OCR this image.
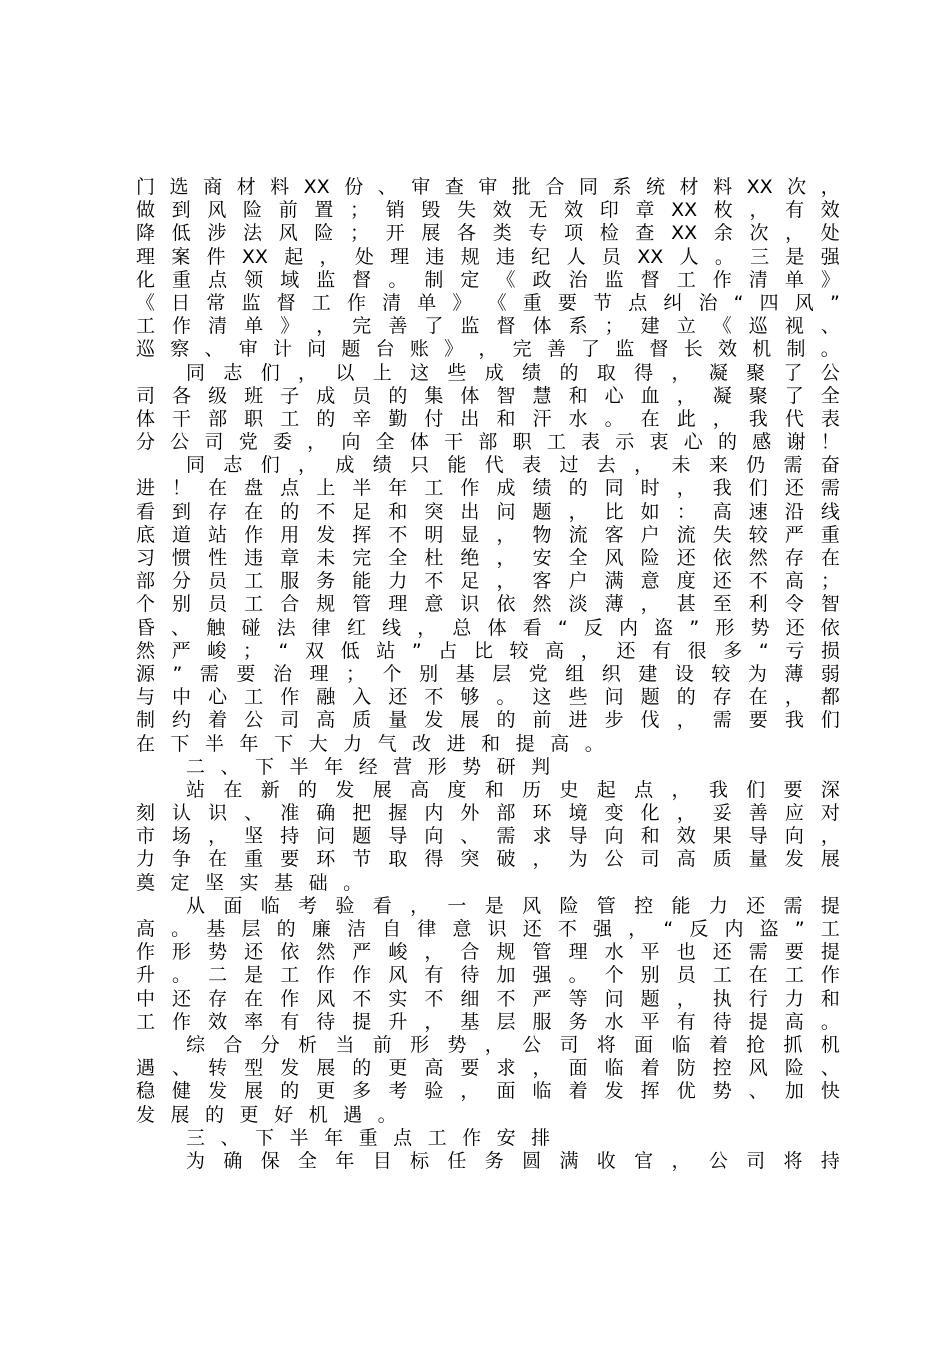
门 选 商 材 料 XX 份 、 审 查 审 批 合 同 系 统 材 料 XX 次 ，
做 到 风 险 前 置 ； 销 毁 失 效 无 效 印 章 XX 枚 ， 有 效
降 低 涉 法 风 险 ； 开 展 各 类 专 项 检 查 XX 余 次 ， 处
理 案 件 XX 起 ， 处 理 违 规 违 纪 人 员 XX 人 。 三 是 强
化 重 点 领 域 监 督 。 制 定 《 政 治 监 督 工 作 清 单 》
《 日 常 监 督 工 作 清 单 》 《 重 要 节 点 纠 治 “ 四 风 ”
工 作 清 单 》 ， 完 善 了 监 督 体 系 ； 建 立 《 巡 视 、
巡 察 、 审 计 问 题 台 账 》 ， 完 善 了 监 督 长 效 机 制 。
同 志 们 ， 以 上 这 些 成 绩 的 取 得 ， 凝 聚 了 公
司 各 级 班 子 成 员 的 集 体 智 慧 和 心 血 ， 凝 聚 了 全
体 干 部 职 工 的 辛 勤 付 出 和 汗 水 。 在 此 ， 我 代 表
分 公 司 党 委 ， 向 全 体 干 部 职 工 表 示 衷 心 的 感 谢 ！
同 志 们 ， 成 绩 只 能 代 表 过 去 ， 未 来 仍 需 奋
进 ！ 在 盘 点 上 半 年 工 作 成 绩 的 同 时 ， 我 们 还 需
看 到 存 在 的 不 足 和 突 出 问 题 ， 比 如 ： 高 速 沿 线
底 道 站 作 用 发 挥 不 明 显 ， 物 流 客 户 流 失 较 严 重
习 惯 性 违 章 未 完 全 杜 绝 ， 安 全 风 险 还 依 然 存 在
部 分 员 工 服 务 能 力 不 足 ， 客 户 满 意 度 还 不 高 ；
个 别 员 工 合 规 管 理 意 识 依 然 淡 薄 ， 甚 至 利 令 智
昏 、 触 碰 法 律 红 线 ， 总 体 看 “ 反 内 盗 ” 形 势 还 依
然 严 峻 ； “ 双 低 站 ” 占 比 较 高 ， 还 有 很 多 “ 亏 损
源 ” 需 要 治 理 ； 个 别 基 层 党 组 织 建 设 较 为 薄 弱
与 中 心 工 作 融 入 还 不 够 。 这 些 问 题 的 存 在 ， 都
制 约 着 公 司 高 质 量 发 展 的 前 进 步 伐 ， 需 要 我 们
在 下 半 年 下 大 力 气 改 进 和 提 高 。
二 、 下 半 年 经 营 形 势 研 判
站 在 新 的 发 展 高 度 和 历 史 起 点 ， 我 们 要 深
刻 认 识 、 准 确 把 握 内 外 部 环 境 变 化 ， 妥 善 应 对
市 场 ， 坚 持 问 题 导 向 、 需 求 导 向 和 效 果 导 向 ，
力 争 在 重 要 环 节 取 得 突 破 ， 为 公 司 高 质 量 发 展
奠 定 坚 实 基 础 。
从 面 临 考 验 看 ， 一 是 风 险 管 控 能 力 还 需 提
高 。 基 层 的 廉 洁 自 律 意 识 还 不 强 ， “ 反 内 盗 ” 工
作 形 势 还 依 然 严 峻 ， 合 规 管 理 水 平 也 还 需 要 提
升 。 二 是 工 作 作 风 有 待 加 强 。 个 别 员 工 在 工 作
中 还 存 在 作 风 不 实 不 细 不 严 等 问 题 ， 执 行 力 和
工 作 效 率 有 待 提 升 ， 基 层 服 务 水 平 有 待 提 高 。
综 合 分 析 当 前 形 势 ， 公 司 将 面 临 着 抢 抓 机
遇 、 转 型 发 展 的 更 高 要 求 ， 面 临 着 防 控 风 险 、
稳 健 发 展 的 更 多 考 验 ， 面 临 着 发 挥 优 势 、 加 快
发 展 的 更 好 机 遇 。
三 、 下 半 年 重 点 工 作 安 排
为 确 保 全 年 目 标 任 务 圆 满 收 官 ， 公 司 将 持
